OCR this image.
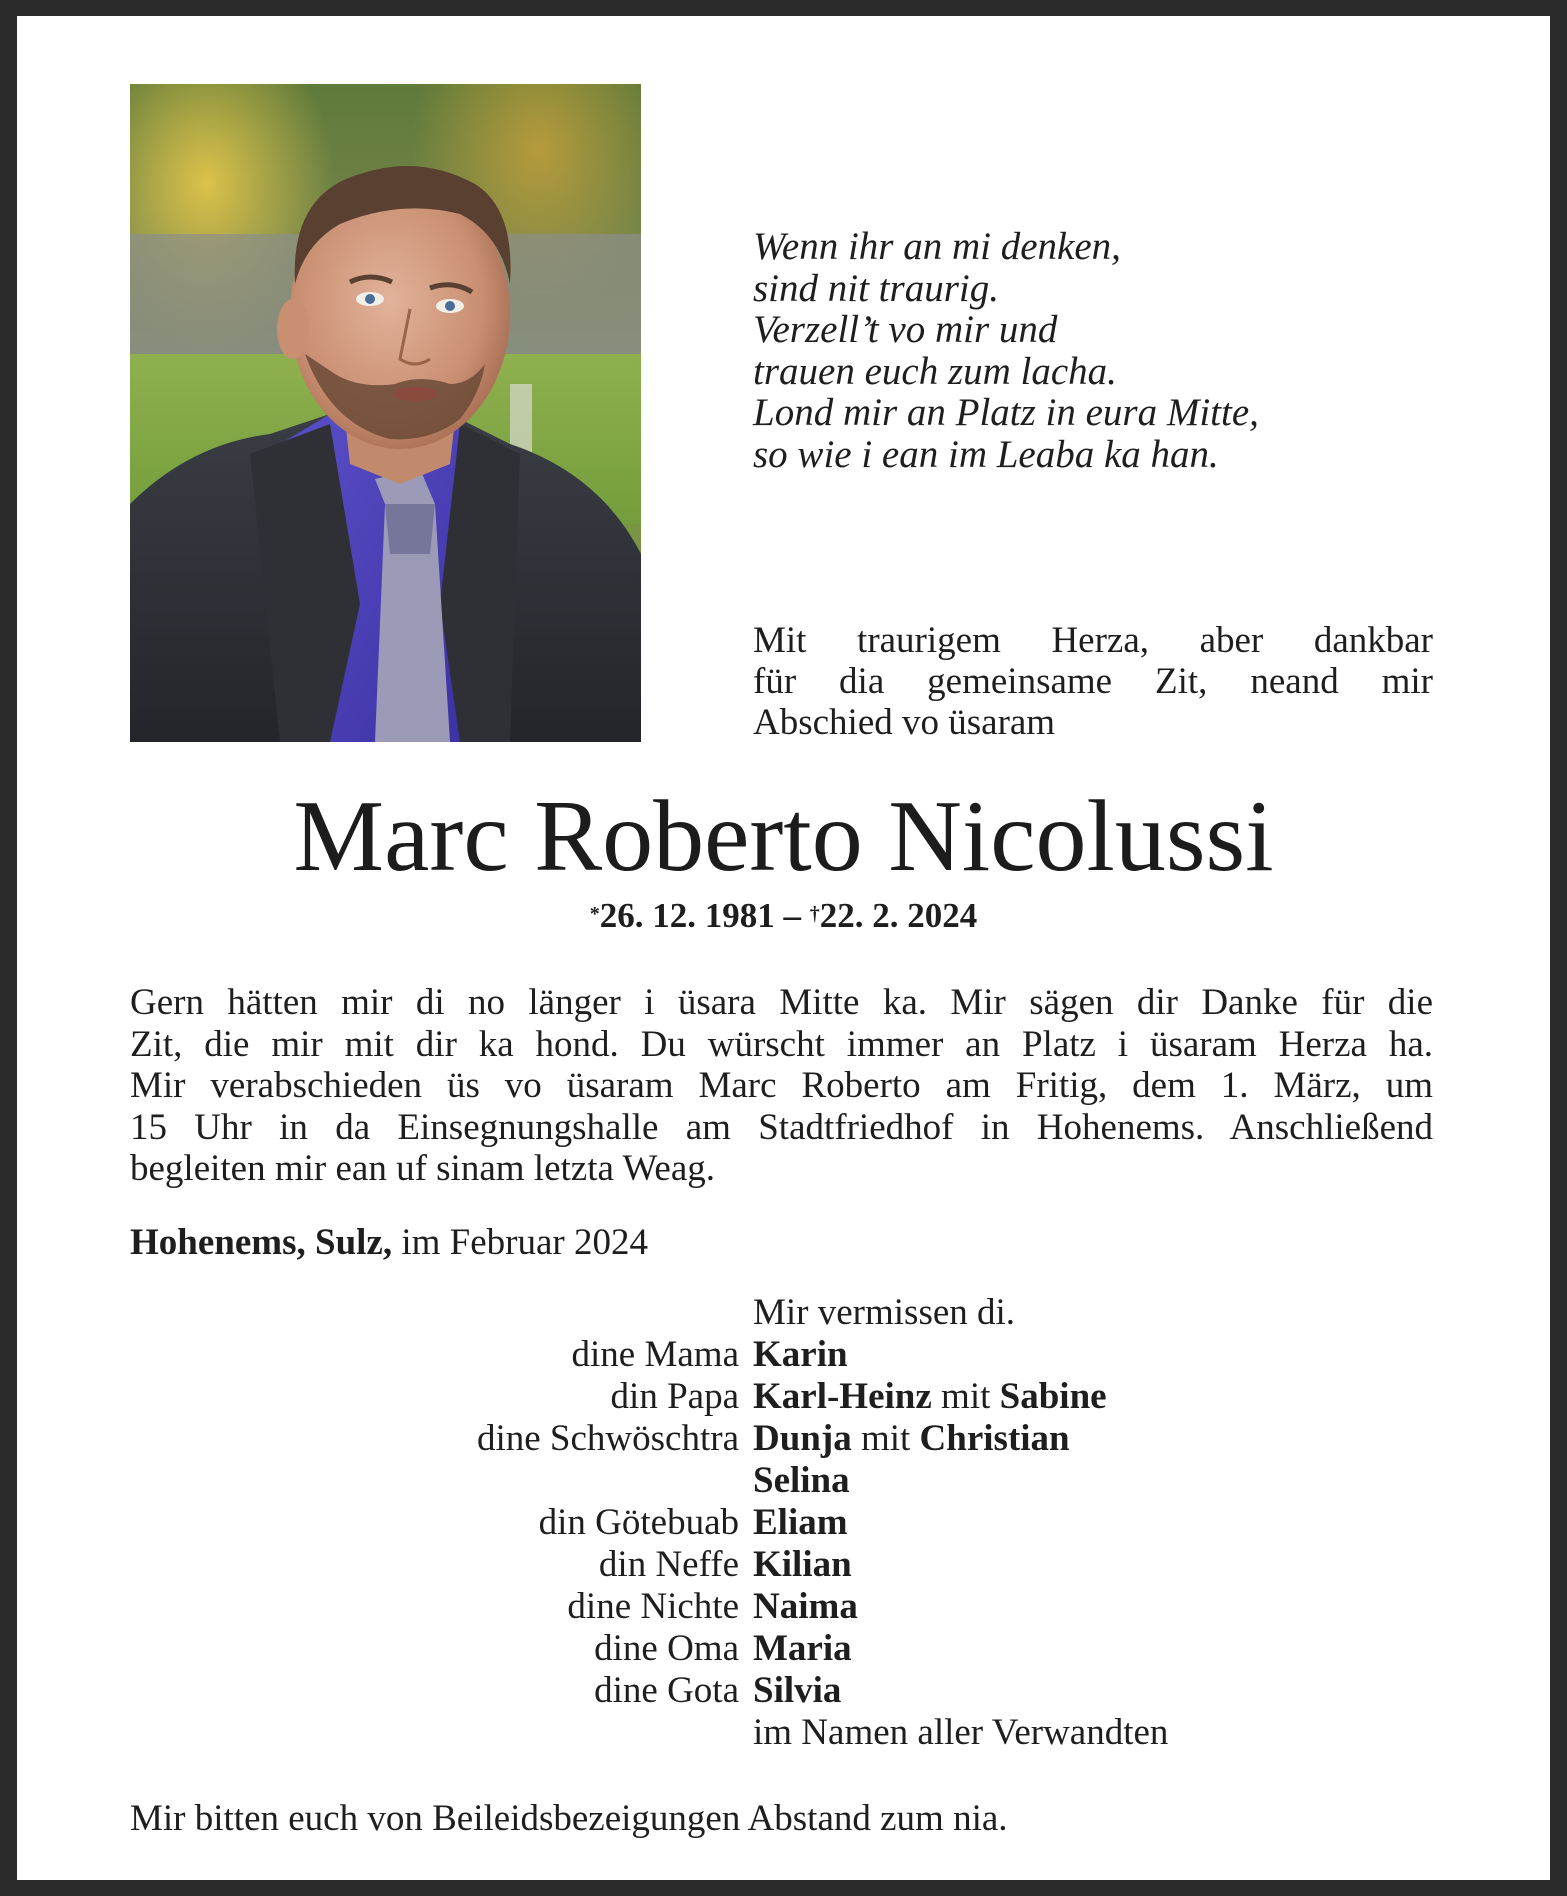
Wenn ihr an mi denken,
sind nit traurig.
Verzell’t vo mir und
trauen euch zum lacha.
Lond mir an Platz in eura Mitte,
so wie i ean im Leaba ka han.
Mit traurigem Herza, aber dankbar
für dia gemeinsame Zit, neand mir
Abschied vo üsaram
Marc Roberto Nicolussi
*26. 12. 1981 – †22. 2. 2024
Gern hätten mir di no länger i üsara Mitte ka. Mir sägen dir Danke für die
Zit, die mir mit dir ka hond. Du würscht immer an Platz i üsaram Herza ha.
Mir verabschieden üs vo üsaram Marc Roberto am Fritig, dem 1. März, um
15 Uhr in da Einsegnungshalle am Stadtfriedhof in Hohenems. Anschließend
begleiten mir ean uf sinam letzta Weag.
Hohenems, Sulz, im Februar 2024
Mir vermissen di.
dine Mama Karin
din Papa Karl-Heinz mit Sabine
dine Schwöschtra Dunja mit Christian
Selina
din Götebuab Eliam
din Neffe Kilian
dine Nichte Naima
dine Oma Maria
dine Gota Silvia
im Namen aller Verwandten
Mir bitten euch von Beileidsbezeigungen Abstand zum nia.
